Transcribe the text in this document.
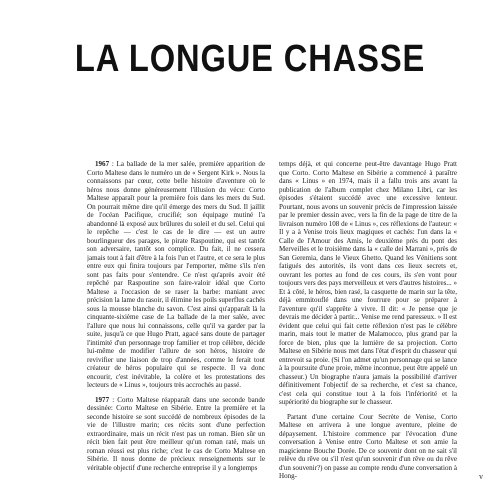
LA LONGUE CHASSE

1967 : La ballade de la mer salée, première apparition de Corto Maltese dans le numéro un de « Sergent Kirk ». Nous la connaissons par cœur, cette belle histoire d'aventure où le héros nous donne généreusement l'illusion du vécu: Corto Maltese apparaît pour la première fois dans les mers du Sud. On pourrait même dire qu'il émerge des mers du Sud. Il jaillit de l'océan Pacifique, crucifié; son équipage mutiné l'a abandonné là exposé aux brûlures du soleil et du sel. Celui qui le repêche — c'est le cas de le dire — est un autre bourlingueur des parages, le pirate Raspoutine, qui est tantôt son adversaire, tantôt son complice. Du fait, il ne cessera jamais tout à fait d'être à la fois l'un et l'autre, et ce sera le plus entre eux qui finira toujours par l'emporter, même s'ils n'en sont pas faits pour s'entendre. Ce n'est qu'après avoir été repêché par Raspoutine son faire-valoir idéal que Corto Maltese a l'occasion de se raser la barbe: maniant avec précision la lame du rasoir, il élimine les poils superflus cachés sous la mousse blanche du savon. C'est ainsi qu'apparaît là la cinquante-sixième case de La ballade de la mer salée, avec l'allure que nous lui connaissons, celle qu'il va garder par la suite, jusqu'à ce que Hugo Pratt, agacé sans doute de partager l'intimité d'un personnage trop familier et trop célèbre, décide lui-même de modifier l'allure de son héros, histoire de revivifier une liaison de trop d'années, comme le ferait tout créateur de héros populaire qui se respecte. Il va donc encourir, c'est inévitable, la colère et les protestations des lecteurs de « Linus », toujours très accrochés au passé.

1977 : Corto Maltese réapparaît dans une seconde bande dessinée: Corto Maltese en Sibérie. Entre la première et la seconde histoire se sont succédé de nombreux épisodes de la vie de l'illustre marin; ces récits sont d'une perfection extraordinaire, mais un récit n'est pas un roman. Bien sûr un récit bien fait peut être meilleur qu'un roman raté, mais un roman réussi est plus riche; c'est le cas de Corto Maltese en Sibérie. Il nous donne de précieux renseignements sur le véritable objectif d'une recherche entreprise il y a longtemps

temps déjà, et qui concerne peut-être davantage Hugo Pratt que Corto. Corto Maltese en Sibérie a commencé à paraître dans « Linus » en 1974, mais il a fallu trois ans avant la publication de l'album complet chez Milano Libri, car les épisodes s'étaient succédé avec une excessive lenteur. Pourtant, nous avons un souvenir précis de l'impression laissée par le premier dessin avec, vers la fin de la page de titre de la livraison numéro 108 de « Linus », ces réflexions de l'auteur: « Il y a à Venise trois lieux magiques et cachés: l'un dans la « Calle de l'Amour des Amis, le deuxième près du pont des Merveilles et le troisième dans la « calle dei Marrani », près de San Geremia, dans le Vieux Ghetto. Quand les Vénitiens sont fatigués des autorités, ils vont dans ces lieux secrets et, ouvrant les portes au fond de ces cours, ils s'en vont pour toujours vers des pays merveilleux et vers d'autres histoires... » Et à côté, le héros, bien rasé, la casquette de marin sur la tête, déjà emmitouflé dans une fourrure pour se préparer à l'aventure qu'il s'apprête à vivre. Il dit: « Je pense que je devrais me décider à partir... Venise me rend paresseux. » Il est évident que celui qui fait cette réflexion n'est pas le célèbre marin, mais tout le matter de Malamocco, plus grand par la force de bien, plus que la lumière de sa projection. Corto Maltese en Sibérie nous met dans l'état d'esprit du chasseur qui entrevoit sa proie. (Si l'on admet qu'un personnage qui se lance à la poursuite d'une proie, même inconnue, peut être appelé un chasseur.) Un biographe n'aura jamais la possibilité d'arriver définitivement l'objectif de sa recherche, et c'est sa chance, c'est cela qui constitue tout à la fois l'infériorité et la supériorité du biographe sur le chasseur.

Partant d'une certaine Cour Secrète de Venise, Corto Maltese en arrivera à une longue aventure, pleine de dépaysement. L'histoire commence par l'évocation d'une conversation à Venise entre Corto Maltese et son amie la magicienne Bouche Dorée. De ce souvenir dont on ne sait s'il relève du rêve ou s'il n'est qu'un souvenir d'un rêve ou du rêve d'un souvenir?) on passe au compte rendu d'une conversation à Hong-	v
